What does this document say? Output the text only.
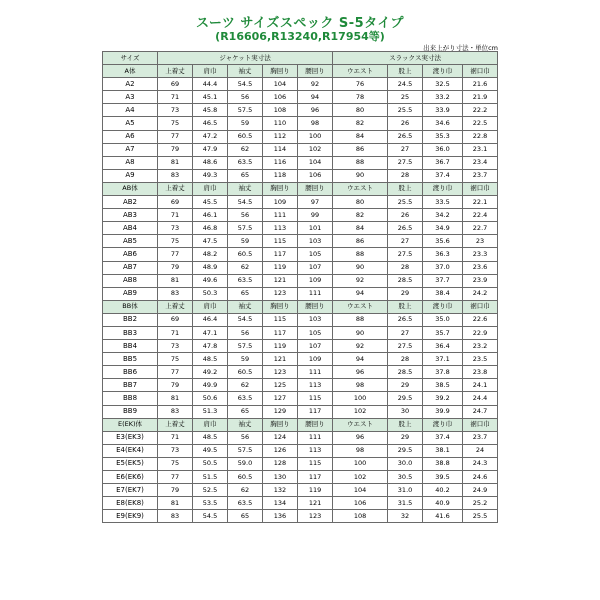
スーツ サイズスペック S-5タイプ
(R16606,R13240,R17954等)
出来上がり寸法・単位cm
サイズ	ジャケット実寸法					スラックス実寸法			
A体	上着丈	肩巾	袖丈	胸回り	腰回り	ウエスト	股上	渡り巾	裾口巾
A2	69	44.4	54.5	104	92	76	24.5	32.5	21.6
A3	71	45.1	56	106	94	78	25	33.2	21.9
A4	73	45.8	57.5	108	96	80	25.5	33.9	22.2
A5	75	46.5	59	110	98	82	26	34.6	22.5
A6	77	47.2	60.5	112	100	84	26.5	35.3	22.8
A7	79	47.9	62	114	102	86	27	36.0	23.1
A8	81	48.6	63.5	116	104	88	27.5	36.7	23.4
A9	83	49.3	65	118	106	90	28	37.4	23.7
AB体	上着丈	肩巾	袖丈	胸回り	腰回り	ウエスト	股上	渡り巾	裾口巾
AB2	69	45.5	54.5	109	97	80	25.5	33.5	22.1
AB3	71	46.1	56	111	99	82	26	34.2	22.4
AB4	73	46.8	57.5	113	101	84	26.5	34.9	22.7
AB5	75	47.5	59	115	103	86	27	35.6	23
AB6	77	48.2	60.5	117	105	88	27.5	36.3	23.3
AB7	79	48.9	62	119	107	90	28	37.0	23.6
AB8	81	49.6	63.5	121	109	92	28.5	37.7	23.9
AB9	83	50.3	65	123	111	94	29	38.4	24.2
BB体	上着丈	肩巾	袖丈	胸回り	腰回り	ウエスト	股上	渡り巾	裾口巾
BB2	69	46.4	54.5	115	103	88	26.5	35.0	22.6
BB3	71	47.1	56	117	105	90	27	35.7	22.9
BB4	73	47.8	57.5	119	107	92	27.5	36.4	23.2
BB5	75	48.5	59	121	109	94	28	37.1	23.5
BB6	77	49.2	60.5	123	111	96	28.5	37.8	23.8
BB7	79	49.9	62	125	113	98	29	38.5	24.1
BB8	81	50.6	63.5	127	115	100	29.5	39.2	24.4
BB9	83	51.3	65	129	117	102	30	39.9	24.7
E(EK)体	上着丈	肩巾	袖丈	胸回り	腰回り	ウエスト	股上	渡り巾	裾口巾
E3(EK3)	71	48.5	56	124	111	96	29	37.4	23.7
E4(EK4)	73	49.5	57.5	126	113	98	29.5	38.1	24
E5(EK5)	75	50.5	59.0	128	115	100	30.0	38.8	24.3
E6(EK6)	77	51.5	60.5	130	117	102	30.5	39.5	24.6
E7(EK7)	79	52.5	62	132	119	104	31.0	40.2	24.9
E8(EK8)	81	53.5	63.5	134	121	106	31.5	40.9	25.2
E9(EK9)	83	54.5	65	136	123	108	32	41.6	25.5
